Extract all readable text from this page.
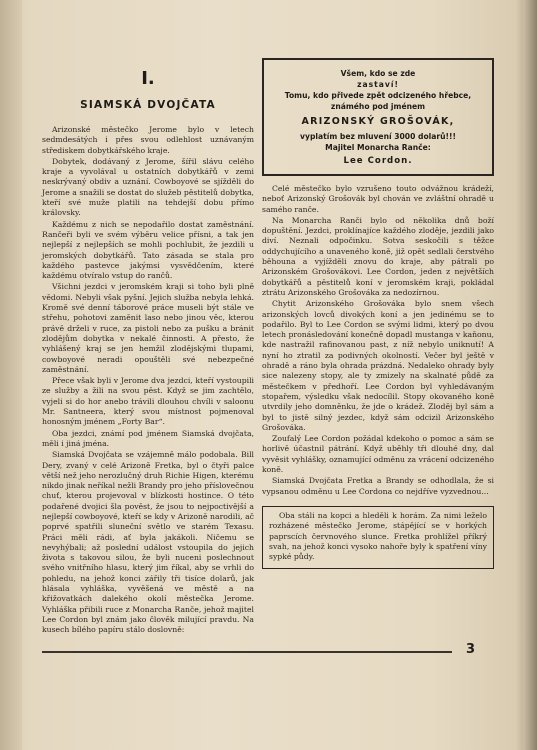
I.
SIAMSKÁ DVOJČATA

Arizonské městečko Jerome bylo v letech sedmdesátých i přes svou odlehlost uznávaným střediskem dobytkářského kraje.

Dobytek, dodávaný z Jerome, šířil slávu celého kraje a vyvolával u ostatních dobytkářů v zemi neskrývaný obdiv a uznání. Cowboyové se sjížděli do Jerome a snažili se dostat do služeb pěstitelů dobytka, kteří své muže platili na tehdejší dobu přímo královsky.

Každému z nich se nepodařilo dostat zaměstnání. Rančeři byli ve svém výběru velice přísni, a tak jen nejlepší z nejlepších se mohli pochlubit, že jezdili u jeromských dobytkářů. Tato zásada se stala pro každého pastevce jakýmsi vysvědčením, které každému otvíralo vstup do rančů.

Všichni jezdci v jeromském kraji si toho byli plně vědomi. Nebyli však pyšní. Jejich služba nebyla lehká. Kromě své denní táborové práce museli být stále ve střehu, pohotovi zaměnit laso nebo jinou věc, kterou právě drželi v ruce, za pistoli nebo za pušku a bránit zlodějům dobytka v nekalé činnosti. A přesto, že vyhlášený kraj se jen hemžil zlodějskými tlupami, cowboyové neradi opouštěli své nebezpečné zaměstnání.

Přece však byli v Jerome dva jezdci, kteří vystoupili ze služby a žili na svou pěst. Když se jim zachtělo, vyjeli si do hor anebo trávili dlouhou chvíli v saloonu Mr. Santneera, který svou místnost pojmenoval honosným jménem „Forty Bar“.

Oba jezdci, známí pod jménem Siamská dvojčata, měli i jiná jména.

Siamská Dvojčata se vzájemně málo podobala. Bill Dery, zvaný v celé Arizoně Fretka, byl o čtyři palce větší než jeho nerozlučný druh Richie Higen, kterému nikdo jinak neříkal nežli Brandy pro jeho příslovečnou chuť, kterou projevoval v blízkosti hostince. O této podařené dvojici šla pověst, že jsou to nejpoctivější a nejlepší cowboyové, kteří se kdy v Arizoně narodili, ač poprvé spatřili sluneční světlo ve starém Texasu. Práci měli rádi, ať byla jakákoli. Ničemu se nevyhýbali; až poslední událost vstoupila do jejich života s takovou silou, že byli nuceni poslechnout svého vnitřního hlasu, který jim říkal, aby se vrhli do pohledu, na jehož konci zářily tři tisíce dolarů, jak hlásala vyhláška, vyvěšená ve městě a na křižovatkách dalekého okolí městečka Jerome. Vyhláška přibili ruce z Monarcha Ranče, jehož majitel Lee Cordon byl znám jako člověk milující pravdu. Na kusech bílého papíru stálo doslovně:

Všem, kdo se zde
zastaví!
Tomu, kdo přivede zpět odcizeného hřebce,
známého pod jménem
ARIZONSKÝ GROŠOVÁK,
vyplatím bez mluvení 3000 dolarů!!!
Majitel Monarcha Ranče:
Lee Cordon.

Celé městečko bylo vzrušeno touto odvážnou krádeží, neboť Arizonský Grošovák byl chován ve zvláštní ohradě u samého ranče.

Na Monarcha Ranči bylo od několika dnů boží dopuštění. Jezdci, proklínajíce každého zloděje, jezdili jako diví. Neznali odpočinku. Sotva seskočili s těžce oddychujícího a unaveného koně, již opět sedlali čerstvého běhouna a vyjížděli znovu do kraje, aby pátrali po Arizonském Grošovákovi. Lee Cordon, jeden z největších dobytkářů a pěstitelů koní v jeromském kraji, pokládal ztrátu Arizonského Grošováka za nedozírnou.

Chytit Arizonského Grošováka bylo snem všech arizonských lovců divokých koní a jen jedinému se to podařilo. Byl to Lee Cordon se svými lidmi, který po dvou letech pronásledování konečně dopadl mustanga v kaňonu, kde nastražil rafinovanou past, z níž nebylo uniknutí! A nyní ho ztratil za podivných okolností. Večer byl ještě v ohradě a ráno byla ohrada prázdná. Nedaleko ohrady byly sice nalezeny stopy, ale ty zmizely na skalnaté půdě za městečkem v předhoří. Lee Cordon byl vyhledávaným stopařem, výsledku však nedocílil. Stopy okovaného koně utvrdily jeho domněnku, že jde o krádež. Zloděj byl sám a byl to jistě silný jezdec, když sám odcizil Arizonského Grošováka.

Zoufalý Lee Cordon požádal kdekoho o pomoc a sám se horlivě účastnil pátrání. Když uběhly tři dlouhé dny, dal vyvěsit vyhlášky, oznamující odměnu za vrácení odcizeného koně.

Siamská Dvojčata Fretka a Brandy se odhodlala, že si vypsanou odměnu u Lee Cordona co nejdříve vyzvednou...

Oba stáli na kopci a hleděli k horám. Za nimi leželo rozházené městečko Jerome, stápějící se v horkých paprscích červnového slunce. Fretka prohlížel příkrý svah, na jehož konci vysoko nahoře byly k spatření víny sypké půdy.

3
